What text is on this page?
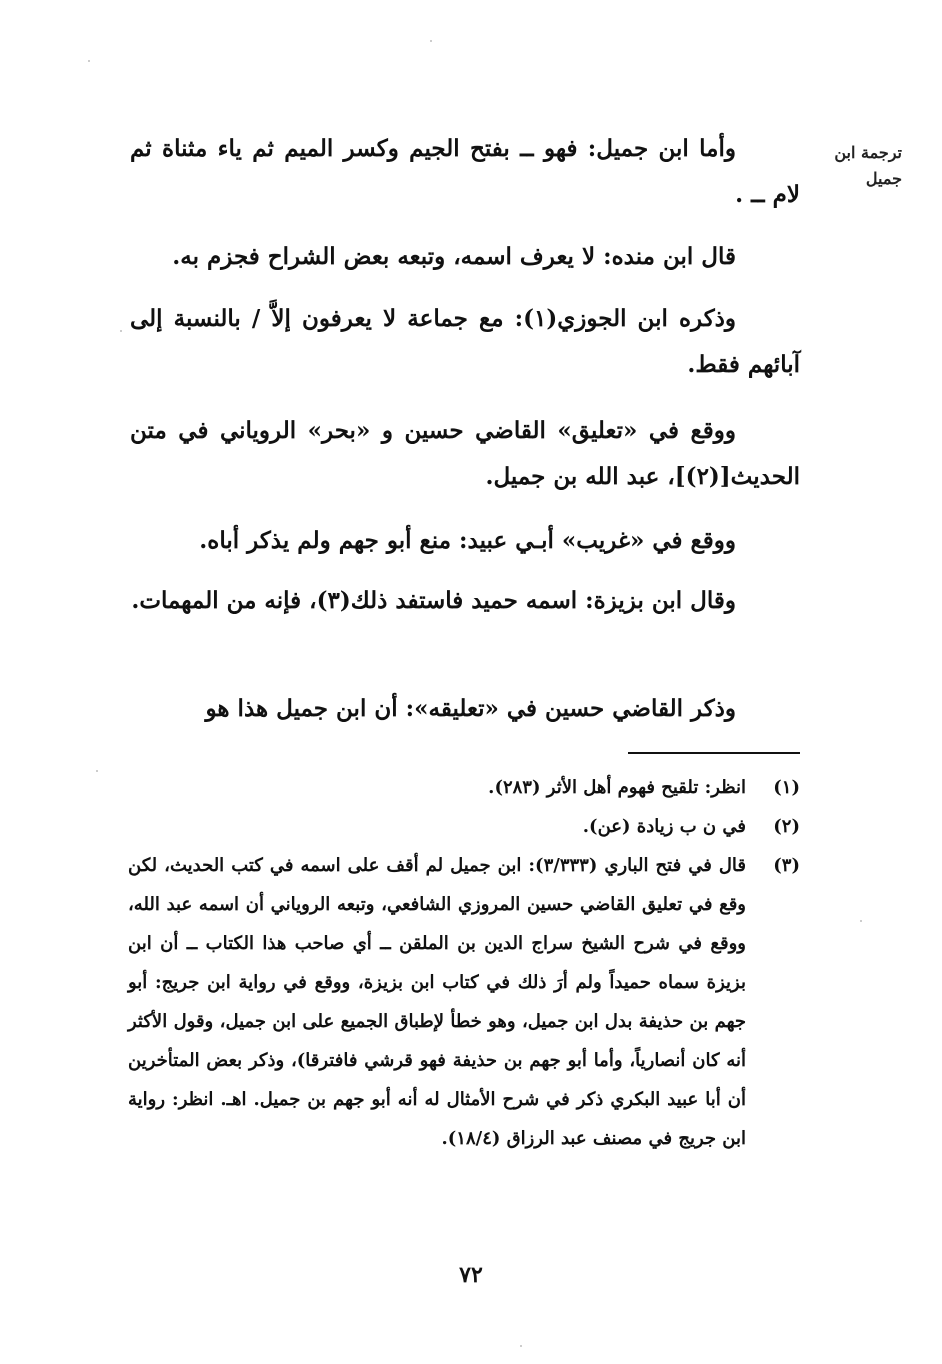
ترجمة ابن
جميل

وأما ابن جميل: فهو ــ بفتح الجيم وكسر الميم ثم ياء مثناة ثم لام ــ .

قال ابن منده: لا يعرف اسمه، وتبعه بعض الشراح فجزم به.

وذكره ابن الجوزي(١): مع جماعة لا يعرفون إلاَّ / بالنسبة إلى آبائهم فقط.

ووقع في «تعليق» القاضي حسين و «بحر» الروياني في متن الحديث[(٢)]، عبد الله بن جميل.

ووقع في «غريب» أبـي عبيد: منع أبو جهم ولم يذكر أباه.

وقال ابن بزيزة: اسمه حميد فاستفد ذلك(٣)، فإنه من المهمات.

وذكر القاضي حسين في «تعليقه»: أن ابن جميل هذا هو

(١)
انظر: تلقيح فهوم أهل الأثر (٢٨٣).
(٢)
في ن ب زيادة (عن).
(٣)
قال في فتح الباري (٣/٣٣٣): ابن جميل لم أقف على اسمه في كتب الحديث، لكن وقع في تعليق القاضي حسين المروزي الشافعي، وتبعه الروياني أن اسمه عبد الله، ووقع في شرح الشيخ سراج الدين بن الملقن ــ أي صاحب هذا الكتاب ــ أن ابن بزيزة سماه حميداً ولم أرَ ذلك في كتاب ابن بزيزة، ووقع في رواية ابن جريج: أبو جهم بن حذيفة بدل ابن جميل، وهو خطأ لإطباق الجميع على ابن جميل، وقول الأكثر أنه كان أنصارياً، وأما أبو جهم بن حذيفة فهو قرشي فافترقا)، وذكر بعض المتأخرين أن أبا عبيد البكري ذكر في شرح الأمثال له أنه أبو جهم بن جميل. اهـ. انظر: رواية ابن جريج في مصنف عبد الرزاق (١٨/٤).
٧٢
